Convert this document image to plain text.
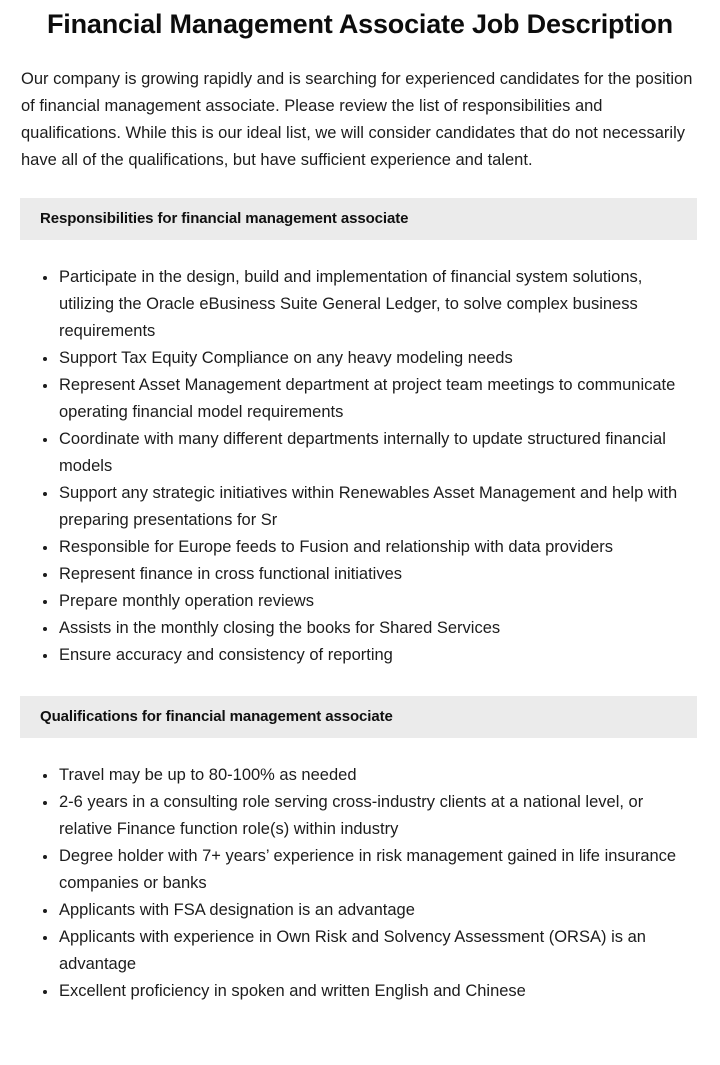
Financial Management Associate Job Description

Our company is growing rapidly and is searching for experienced candidates for the position of financial management associate. Please review the list of responsibilities and qualifications. While this is our ideal list, we will consider candidates that do not necessarily have all of the qualifications, but have sufficient experience and talent.

Responsibilities for financial management associate
Participate in the design, build and implementation of financial system solutions, utilizing the Oracle eBusiness Suite General Ledger, to solve complex business requirements
Support Tax Equity Compliance on any heavy modeling needs
Represent Asset Management department at project team meetings to communicate operating financial model requirements
Coordinate with many different departments internally to update structured financial models
Support any strategic initiatives within Renewables Asset Management and help with preparing presentations for Sr
Responsible for Europe feeds to Fusion and relationship with data providers
Represent finance in cross functional initiatives
Prepare monthly operation reviews
Assists in the monthly closing the books for Shared Services
Ensure accuracy and consistency of reporting
Qualifications for financial management associate
Travel may be up to 80-100% as needed
2-6 years in a consulting role serving cross-industry clients at a national level, or relative Finance function role(s) within industry
Degree holder with 7+ years’ experience in risk management gained in life insurance companies or banks
Applicants with FSA designation is an advantage
Applicants with experience in Own Risk and Solvency Assessment (ORSA) is an advantage
Excellent proficiency in spoken and written English and Chinese
